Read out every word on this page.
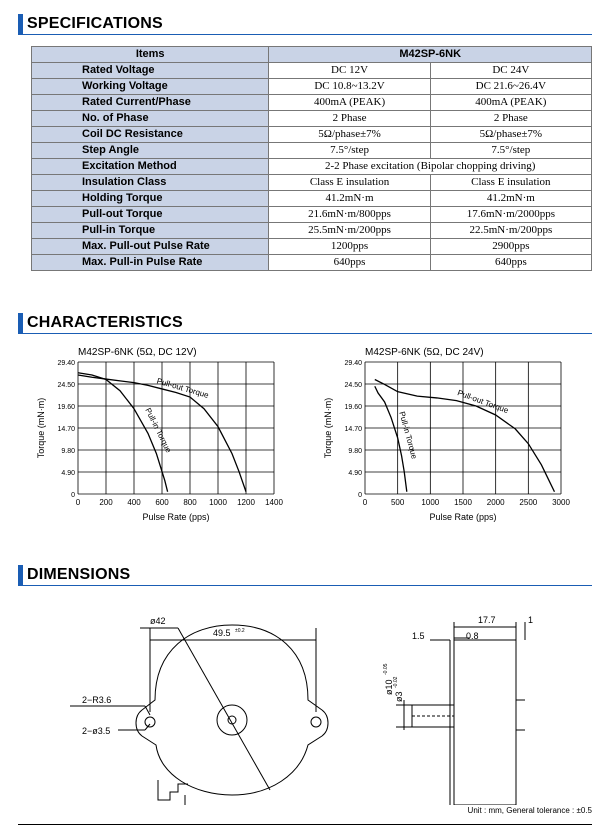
SPECIFICATIONS
Items	M42SP-6NK	
Rated Voltage	DC 12V	DC 24V
Working Voltage	DC 10.8~13.2V	DC 21.6~26.4V
Rated Current/Phase	400mA (PEAK)	400mA (PEAK)
No. of Phase	2 Phase	2 Phase
Coil DC Resistance	5Ω/phase±7%	5Ω/phase±7%
Step Angle	7.5°/step	7.5°/step
Excitation Method	2-2 Phase excitation (Bipolar chopping driving)	
Insulation Class	Class E insulation	Class E insulation
Holding Torque	41.2mN·m	41.2mN·m
Pull-out Torque	21.6mN·m/800pps	17.6mN·m/2000pps
Pull-in Torque	25.5mN·m/200pps	22.5mN·m/200pps
Max. Pull-out Pulse Rate	1200pps	2900pps
Max. Pull-in Pulse Rate	640pps	640pps
CHARACTERISTICS
M42SP-6NK (5Ω, DC 12V)
0 200 400 600 800 1000 1200 1400
0
4.90
9.80
14.70
19.60
24.50
29.40
Pulse Rate (pps)
Torque (mN·m)
Pull-out Torque
Pull-in Torque
M42SP-6NK (5Ω, DC 24V)
0	500 1000 1500 2000 2500 3000
0
4.90
9.80
14.70
19.60
24.50
29.40
Pulse Rate (pps)
Torque (mN·m)	Pull-out Torque
Pull-in Torque
DIMENSIONS
ø42
49.5 ±0.2
2−R3.6
2−ø3.5
17.7	1
1.5	0.8
ø10
-0.05
ø3
-0.02
Unit : mm, General tolerance : ±0.5
